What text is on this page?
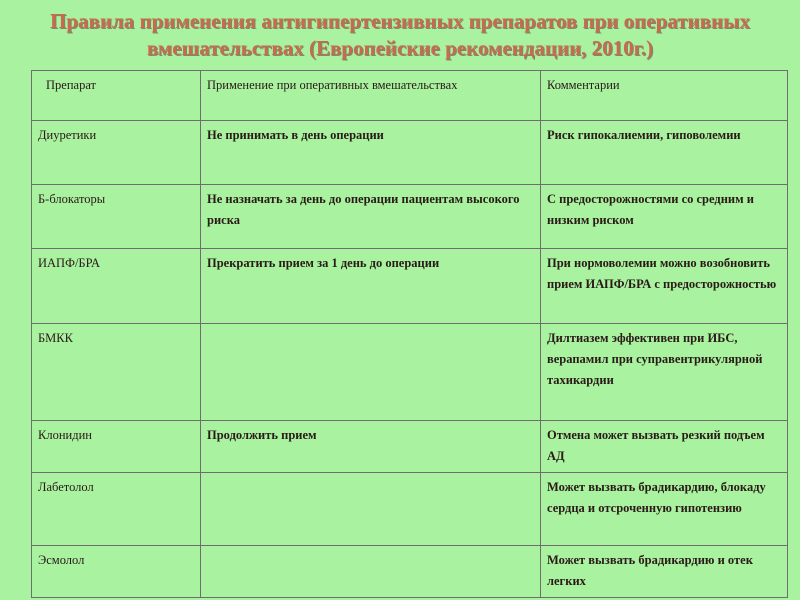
Правила применения антигипертензивных препаратов при оперативных
вмешательствах (Европейские рекомендации, 2010г.)
Препарат	Применение при оперативных вмешательствах	Комментарии
Диуретики	Не принимать в день операции	Риск гипокалиемии, гиповолемии
Б-блокаторы	Не назначать за день до операции пациентам высокого риска	С предосторожностями со средним и низким риском
ИАПФ/БРА	Прекратить прием за 1 день до операции	При нормоволемии можно возобновить прием ИАПФ/БРА с предосторожностью
БМКК		Дилтиазем эффективен при ИБС, верапамил при суправентрикулярной тахикардии
Клонидин	Продолжить прием	Отмена может вызвать резкий подъем АД
Лабетолол		Может вызвать брадикардию, блокаду сердца и отсроченную гипотензию
Эсмолол		Может вызвать брадикардию и отек легких
